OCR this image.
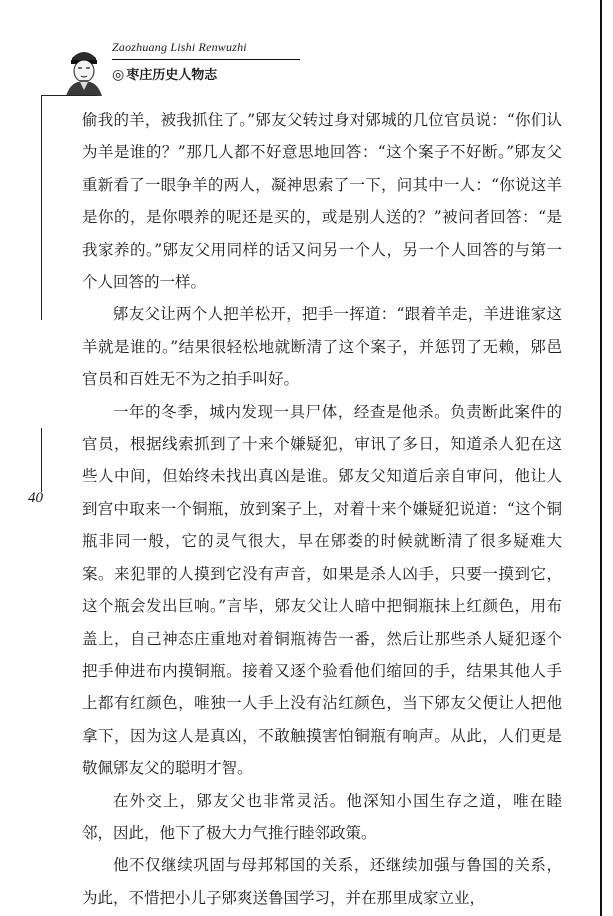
Zaozhuang Lishi Renwuzhi
◎ 枣庄历史人物志
40

偷我的羊，被我抓住了。”郳友父转过身对郳城的几位官员说：“你们认为羊是谁的？”那几人都不好意思地回答：“这个案子不好断。”郳友父重新看了一眼争羊的两人，凝神思索了一下，问其中一人：“你说这羊是你的，是你喂养的呢还是买的，或是别人送的？”被问者回答：“是我家养的。”郳友父用同样的话又问另一个人，另一个人回答的与第一个人回答的一样。

郳友父让两个人把羊松开，把手一挥道：“跟着羊走，羊进谁家这羊就是谁的。”结果很轻松地就断清了这个案子，并惩罚了无赖，郳邑官员和百姓无不为之拍手叫好。

一年的冬季，城内发现一具尸体，经查是他杀。负责断此案件的官员，根据线索抓到了十来个嫌疑犯，审讯了多日，知道杀人犯在这些人中间，但始终未找出真凶是谁。郳友父知道后亲自审问，他让人到宫中取来一个铜瓶，放到案子上，对着十来个嫌疑犯说道：“这个铜瓶非同一般，它的灵气很大，早在郳娄的时候就断清了很多疑难大案。来犯罪的人摸到它没有声音，如果是杀人凶手，只要一摸到它，这个瓶会发出巨响。”言毕，郳友父让人暗中把铜瓶抹上红颜色，用布盖上，自己神态庄重地对着铜瓶祷告一番，然后让那些杀人疑犯逐个把手伸进布内摸铜瓶。接着又逐个验看他们缩回的手，结果其他人手上都有红颜色，唯独一人手上没有沾红颜色，当下郳友父便让人把他拿下，因为这人是真凶，不敢触摸害怕铜瓶有响声。从此，人们更是敬佩郳友父的聪明才智。

在外交上，郳友父也非常灵活。他深知小国生存之道，唯在睦邻，因此，他下了极大力气推行睦邻政策。

他不仅继续巩固与母邦邾国的关系，还继续加强与鲁国的关系，为此，不惜把小儿子郳爽送鲁国学习，并在那里成家立业，
